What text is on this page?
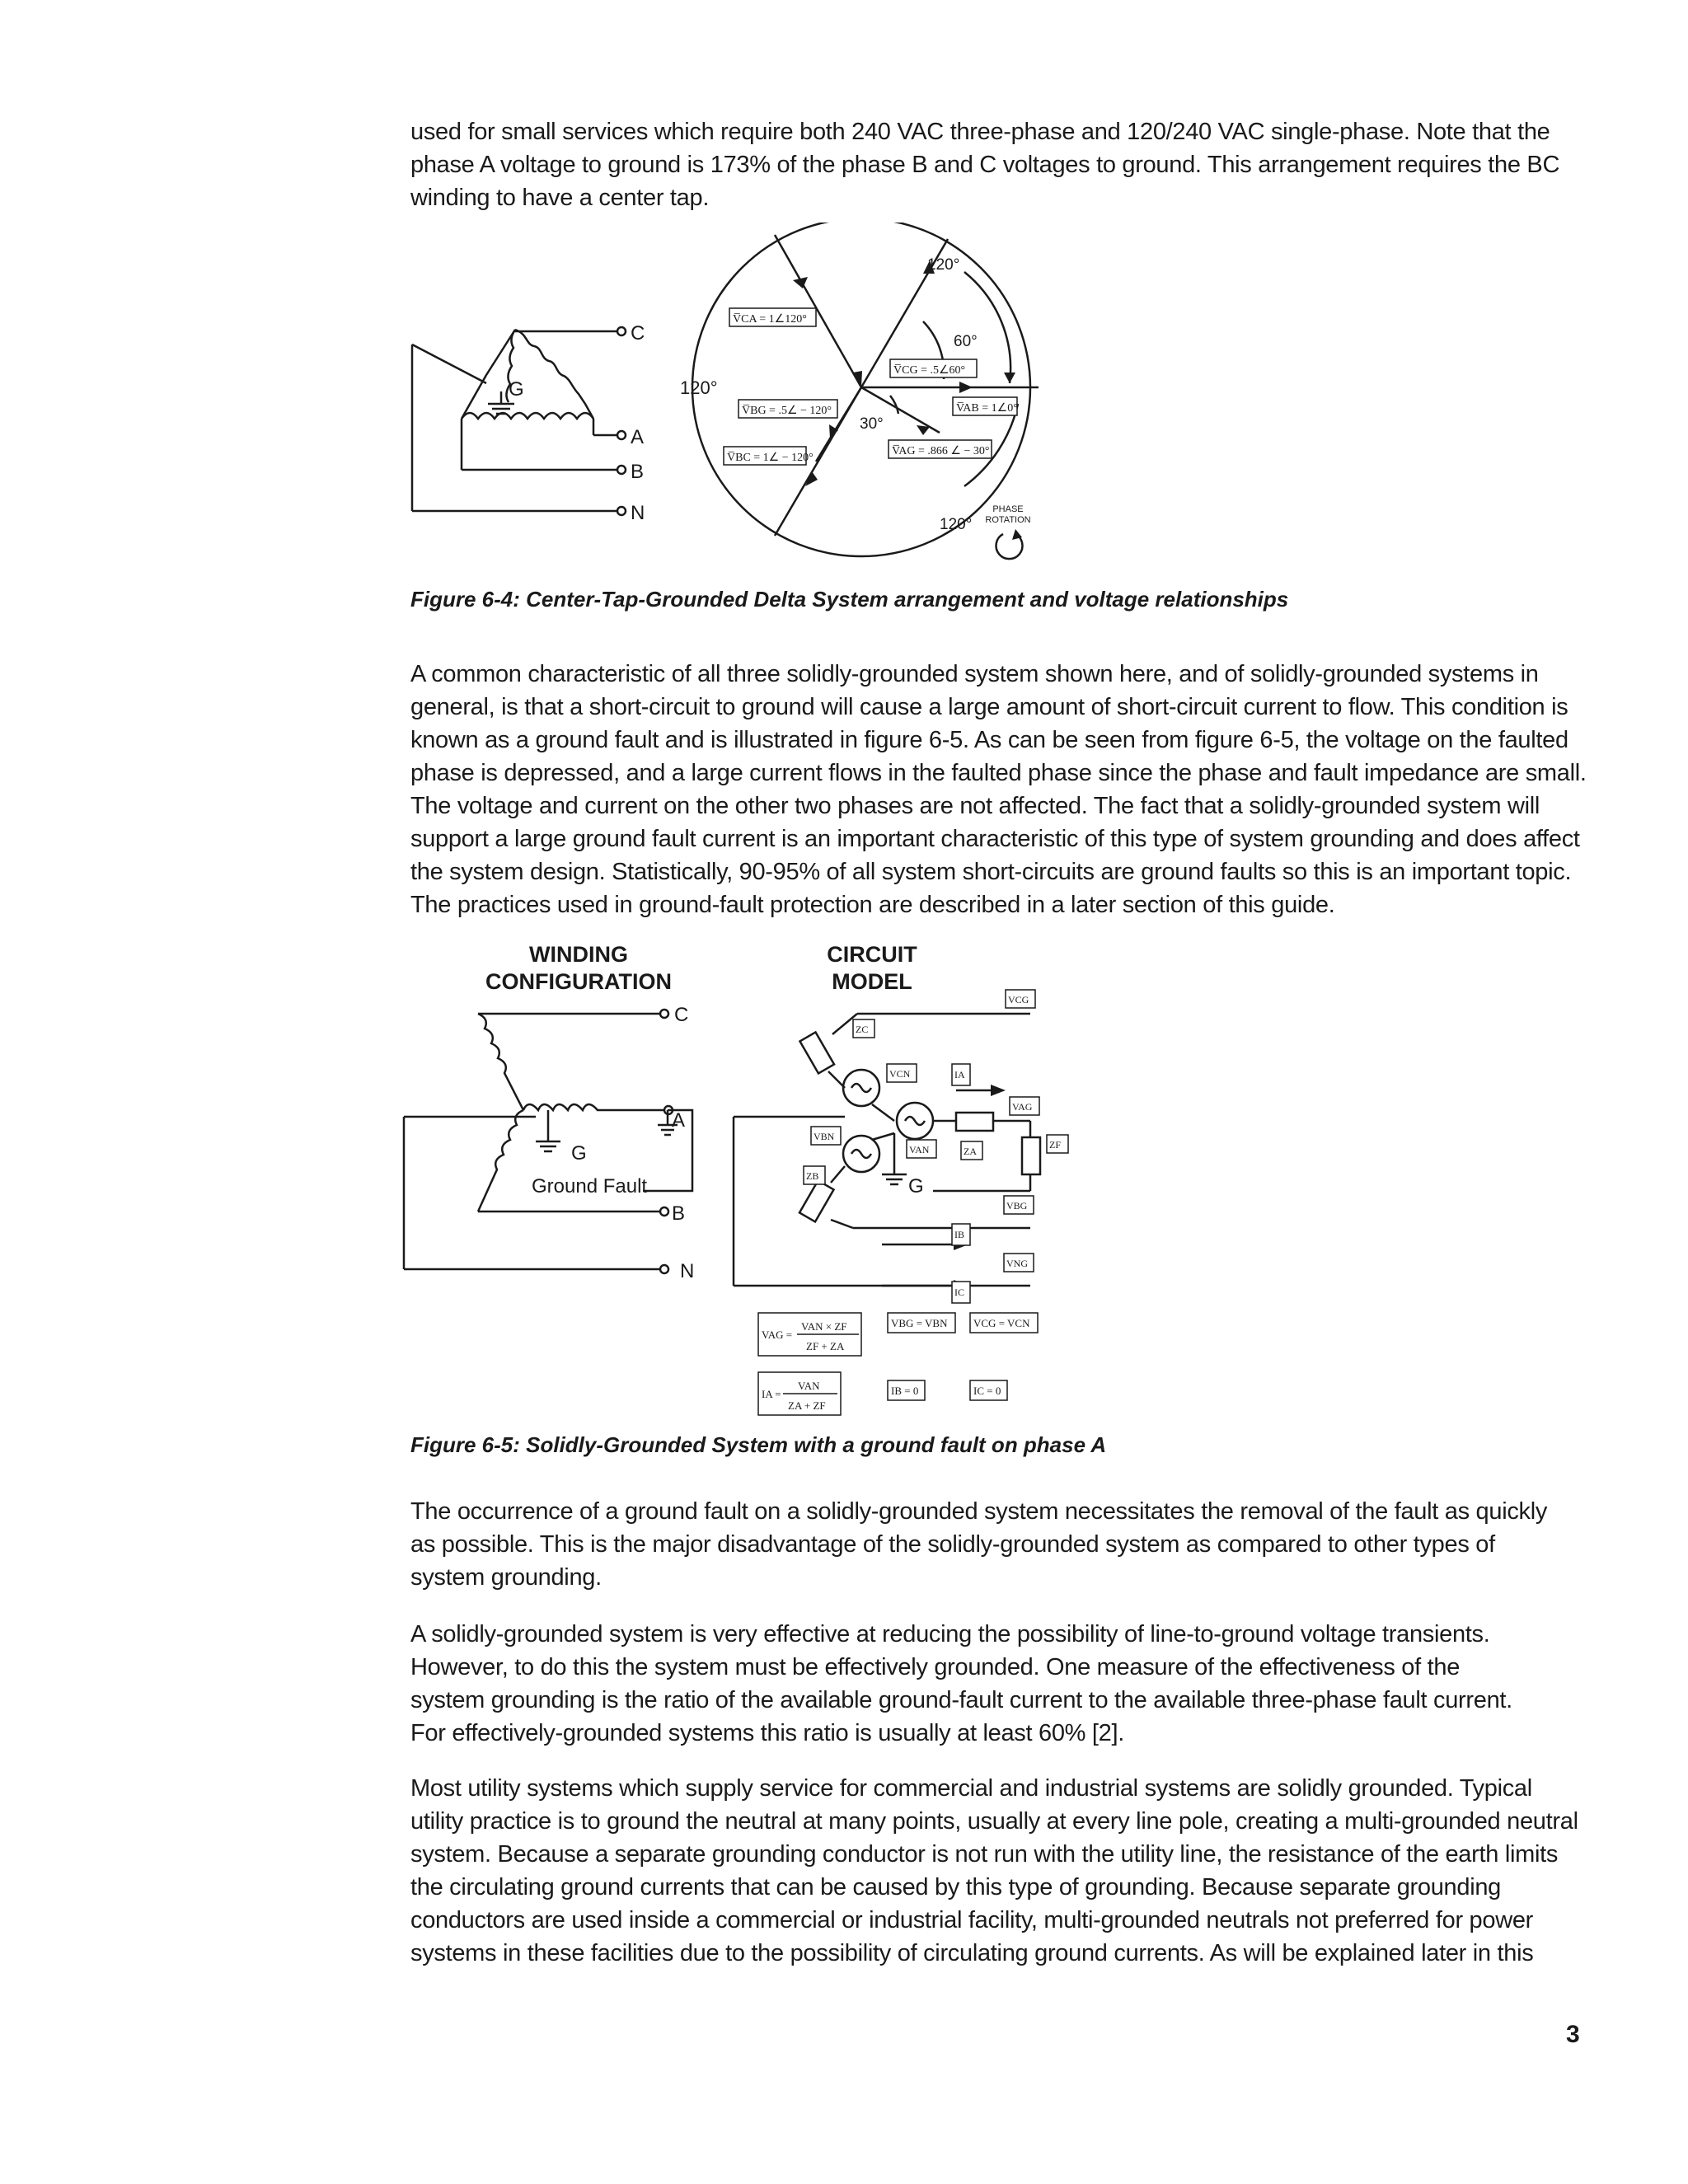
used for small services which require both 240 VAC three-phase and 120/240 VAC single-phase. Note that the
phase A voltage to ground is 173% of the phase B and C voltages to ground. This arrangement requires the BC
winding to have a center tap.
C
A
B
N
G
120°
120°
120°
60°
30°
V̅CA = 1∠120°
V̅CG = .5∠60°
V̅BG = .5∠ − 120°	V̅AB = 1∠0°
V̅BC = 1∠ − 120°
V̅AG = .866 ∠ − 30°
PHASE
ROTATION
Figure 6-4: Center-Tap-Grounded Delta System arrangement and voltage relationships
A common characteristic of all three solidly-grounded system shown here, and of solidly-grounded systems in
general, is that a short-circuit to ground will cause a large amount of short-circuit current to flow. This condition is
known as a ground fault and is illustrated in figure 6-5. As can be seen from figure 6-5, the voltage on the faulted
phase is depressed, and a large current flows in the faulted phase since the phase and fault impedance are small.
The voltage and current on the other two phases are not affected. The fact that a solidly-grounded system will
support a large ground fault current is an important characteristic of this type of system grounding and does affect
the system design. Statistically, 90-95% of all system short-circuits are ground faults so this is an important topic.
The practices used in ground-fault protection are described in a later section of this guide.
WINDING
CONFIGURATION
CIRCUIT
MODEL
C
A
B
N
G
Ground Fault	G
VCG
ZC
VCN	IA
VAG
ZF
VBN
VAN	ZA
ZB
VBG
IB
VNG
IC
VAG =
VAN × ZF
ZF + ZA
VBG = VBN VCG = VCN
IA =
VAN
ZA + ZF
IB = 0	IC = 0
Figure 6-5: Solidly-Grounded System with a ground fault on phase A
The occurrence of a ground fault on a solidly-grounded system necessitates the removal of the fault as quickly
as possible. This is the major disadvantage of the solidly-grounded system as compared to other types of
system grounding.
A solidly-grounded system is very effective at reducing the possibility of line-to-ground voltage transients.
However, to do this the system must be effectively grounded. One measure of the effectiveness of the
system grounding is the ratio of the available ground-fault current to the available three-phase fault current.
For effectively-grounded systems this ratio is usually at least 60% [2].
Most utility systems which supply service for commercial and industrial systems are solidly grounded. Typical
utility practice is to ground the neutral at many points, usually at every line pole, creating a multi-grounded neutral
system. Because a separate grounding conductor is not run with the utility line, the resistance of the earth limits
the circulating ground currents that can be caused by this type of grounding. Because separate grounding
conductors are used inside a commercial or industrial facility, multi-grounded neutrals not preferred for power
systems in these facilities due to the possibility of circulating ground currents. As will be explained later in this
3
